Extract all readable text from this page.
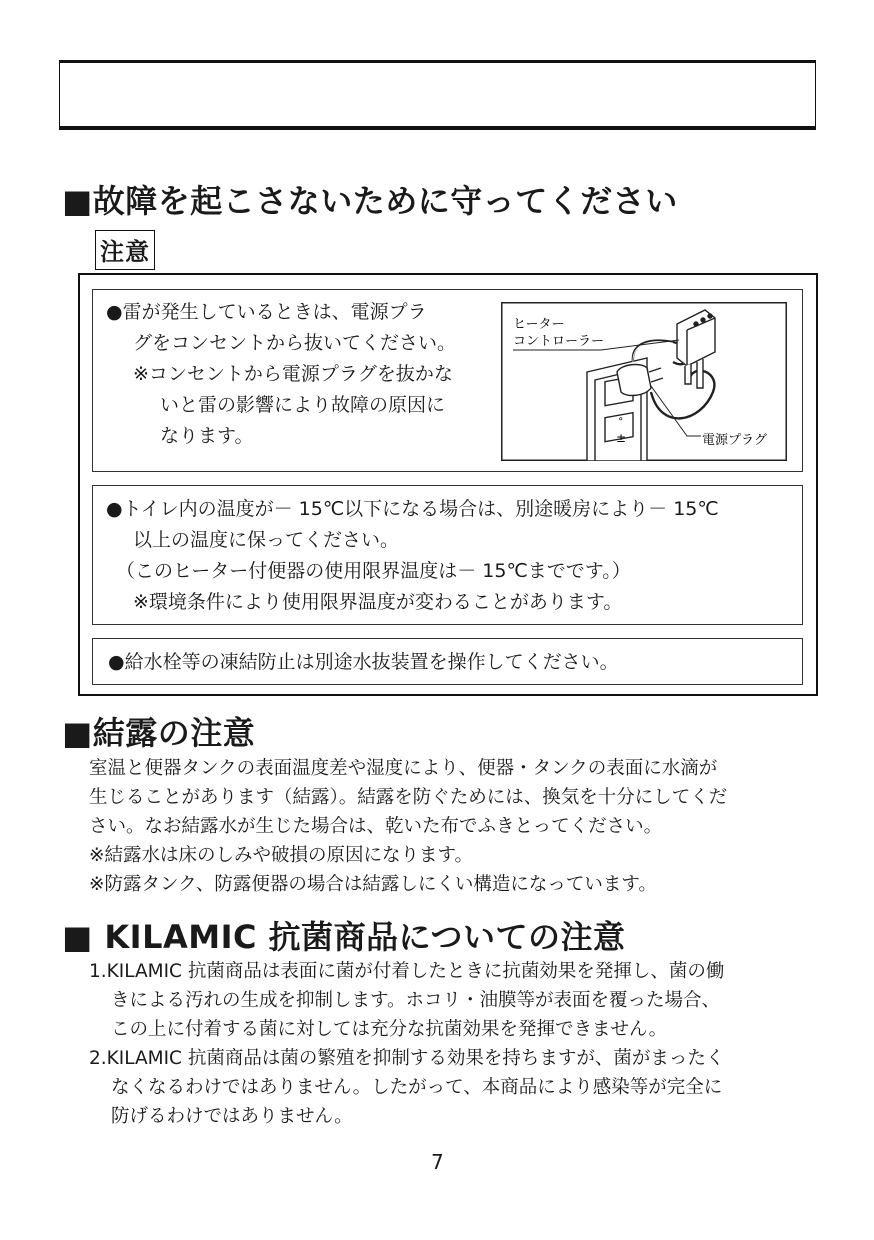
■故障を起こさないために守ってください
注意
●雷が発生しているときは、電源プラ
グをコンセントから抜いてください。
※コンセントから電源プラグを抜かな
いと雷の影響により故障の原因に
なります。
⚬
±
ヒーター
コントローラー
電源プラグ
●トイレ内の温度が－ 15℃以下になる場合は、別途暖房により－ 15℃
以上の温度に保ってください。
（このヒーター付便器の使用限界温度は－ 15℃までです。）
※環境条件により使用限界温度が変わることがあります。
●給水栓等の凍結防止は別途水抜装置を操作してください。
■結露の注意
室温と便器タンクの表面温度差や湿度により、便器・タンクの表面に水滴が
生じることがあります（結露）。結露を防ぐためには、換気を十分にしてくだ
さい。なお結露水が生じた場合は、乾いた布でふきとってください。
※結露水は床のしみや破損の原因になります。
※防露タンク、防露便器の場合は結露しにくい構造になっています。
■ KILAMIC 抗菌商品についての注意
1.KILAMIC 抗菌商品は表面に菌が付着したときに抗菌効果を発揮し、菌の働
きによる汚れの生成を抑制します。ホコリ・油膜等が表面を覆った場合、
この上に付着する菌に対しては充分な抗菌効果を発揮できません。
2.KILAMIC 抗菌商品は菌の繁殖を抑制する効果を持ちますが、菌がまったく
なくなるわけではありません。したがって、本商品により感染等が完全に
防げるわけではありません。
7
